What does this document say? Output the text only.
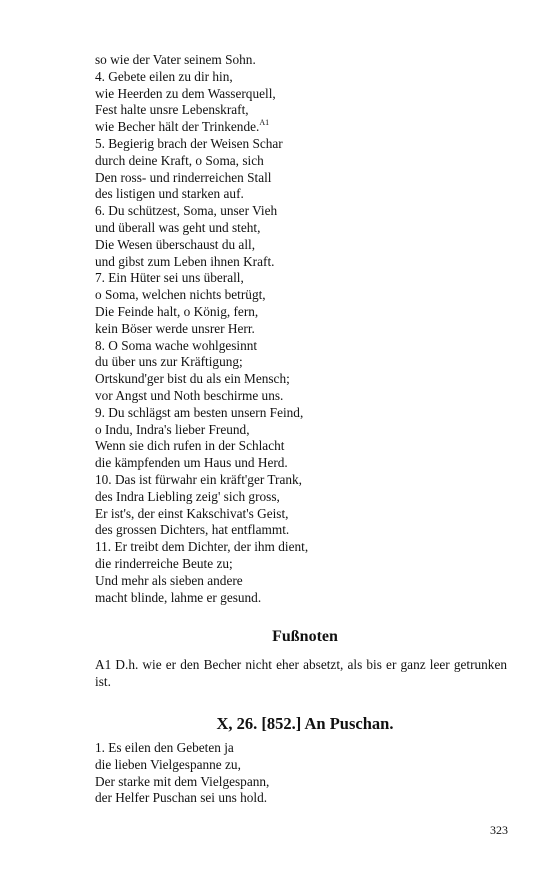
so wie der Vater seinem Sohn.
4. Gebete eilen zu dir hin,
wie Heerden zu dem Wasserquell,
Fest halte unsre Lebenskraft,
wie Becher hält der Trinkende.$^{A1}$
5. Begierig brach der Weisen Schar
durch deine Kraft, o Soma, sich
Den ross- und rinderreichen Stall
des listigen und starken auf.
6. Du schützest, Soma, unser Vieh
und überall was geht und steht,
Die Wesen überschaust du all,
und gibst zum Leben ihnen Kraft.
7. Ein Hüter sei uns überall,
o Soma, welchen nichts betrügt,
Die Feinde halt, o König, fern,
kein Böser werde unsrer Herr.
8. O Soma wache wohlgesinnt
du über uns zur Kräftigung;
Ortskund'ger bist du als ein Mensch;
vor Angst und Noth beschirme uns.
9. Du schlägst am besten unsern Feind,
o Indu, Indra's lieber Freund,
Wenn sie dich rufen in der Schlacht
die kämpfenden um Haus und Herd.
10. Das ist fürwahr ein kräft'ger Trank,
des Indra Liebling zeig' sich gross,
Er ist's, der einst Kakschivat's Geist,
des grossen Dichters, hat entflammt.
11. Er treibt dem Dichter, der ihm dient,
die rinderreiche Beute zu;
Und mehr als sieben andere
macht blinde, lahme er gesund.
Fußnoten
A1 D.h. wie er den Becher nicht eher absetzt, als bis er ganz leer getrunken ist.
X, 26. [852.] An Puschan.
1. Es eilen den Gebeten ja
die lieben Vielgespanne zu,
Der starke mit dem Vielgespann,
der Helfer Puschan sei uns hold.
323
